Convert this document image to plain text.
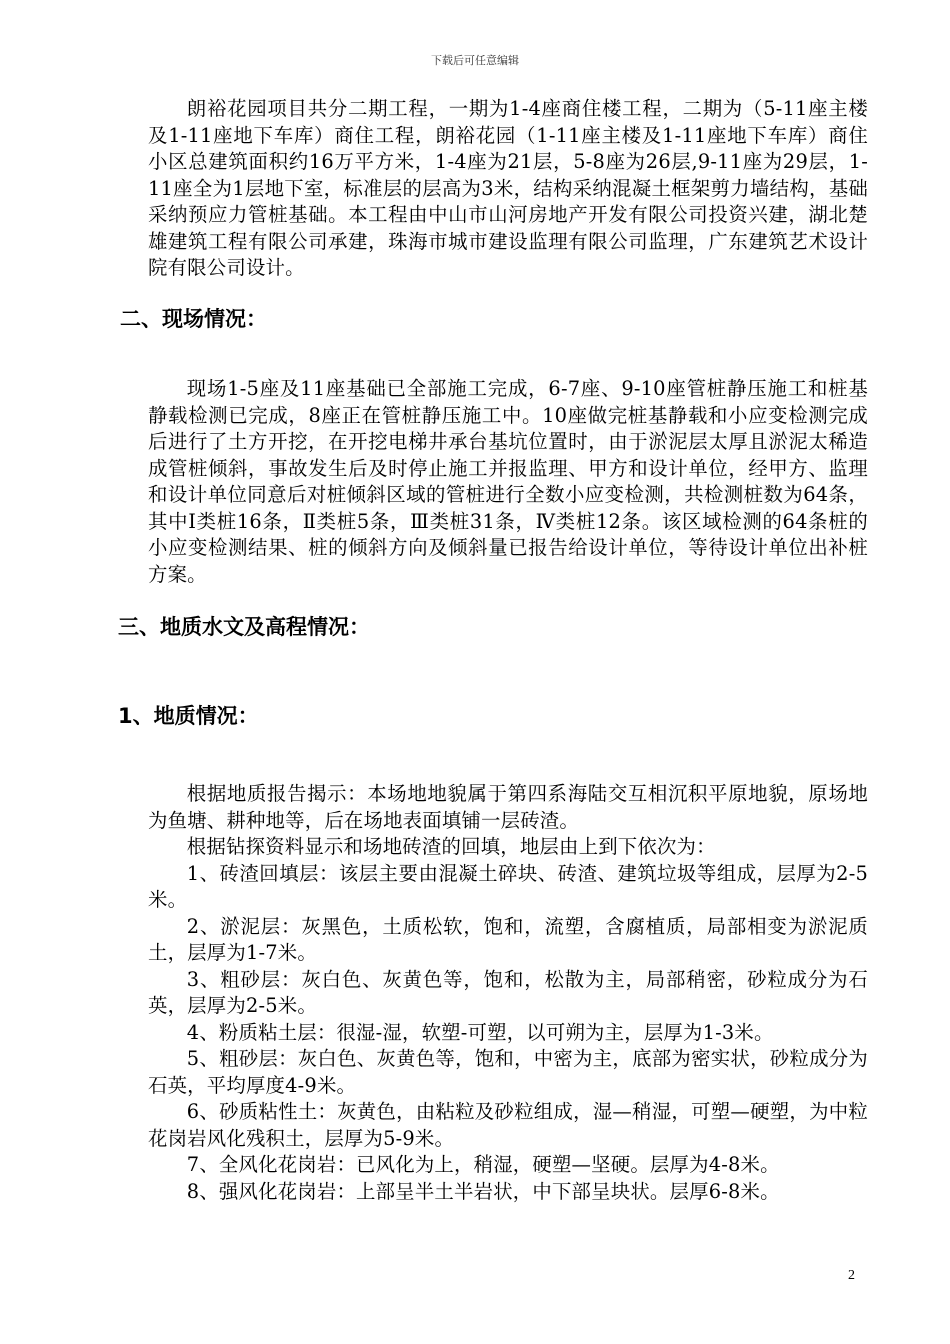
下载后可任意编辑

朗裕花园项目共分二期工程，一期为1-4座商住楼工程，二期为（5-11座主楼及1-11座地下车库）商住工程，朗裕花园（1-11座主楼及1-11座地下车库）商住小区总建筑面积约16万平方米，1-4座为21层，5-8座为26层,9-11座为29层，1-11座全为1层地下室，标准层的层高为3米，结构采纳混凝土框架剪力墙结构，基础采纳预应力管桩基础。本工程由中山市山河房地产开发有限公司投资兴建，湖北楚雄建筑工程有限公司承建，珠海市城市建设监理有限公司监理，广东建筑艺术设计院有限公司设计。

二、现场情况：

现场1-5座及11座基础已全部施工完成，6-7座、9-10座管桩静压施工和桩基静载检测已完成，8座正在管桩静压施工中。10座做完桩基静载和小应变检测完成后进行了土方开挖，在开挖电梯井承台基坑位置时，由于淤泥层太厚且淤泥太稀造成管桩倾斜，事故发生后及时停止施工并报监理、甲方和设计单位，经甲方、监理和设计单位同意后对桩倾斜区域的管桩进行全数小应变检测，共检测桩数为64条，其中Ⅰ类桩16条，Ⅱ类桩5条，Ⅲ类桩31条，Ⅳ类桩12条。该区域检测的64条桩的小应变检测结果、桩的倾斜方向及倾斜量已报告给设计单位，等待设计单位出补桩方案。

三、地质水文及高程情况：
1、地质情况：

根据地质报告揭示：本场地地貌属于第四系海陆交互相沉积平原地貌，原场地为鱼塘、耕种地等，后在场地表面填铺一层砖渣。

根据钻探资料显示和场地砖渣的回填，地层由上到下依次为：

1、砖渣回填层：该层主要由混凝土碎块、砖渣、建筑垃圾等组成，层厚为2-5米。

2、淤泥层：灰黑色，土质松软，饱和，流塑，含腐植质，局部相变为淤泥质土，层厚为1-7米。

3、粗砂层：灰白色、灰黄色等，饱和，松散为主，局部稍密，砂粒成分为石英，层厚为2-5米。

4、粉质粘土层：很湿-湿，软塑-可塑，以可朔为主，层厚为1-3米。

5、粗砂层：灰白色、灰黄色等，饱和，中密为主，底部为密实状，砂粒成分为石英，平均厚度4-9米。

6、砂质粘性土：灰黄色，由粘粒及砂粒组成，湿—稍湿，可塑—硬塑，为中粒花岗岩风化残积土，层厚为5-9米。

7、全风化花岗岩：已风化为上，稍湿，硬塑—坚硬。层厚为4-8米。

8、强风化花岗岩：上部呈半土半岩状，中下部呈块状。层厚6-8米。

2
